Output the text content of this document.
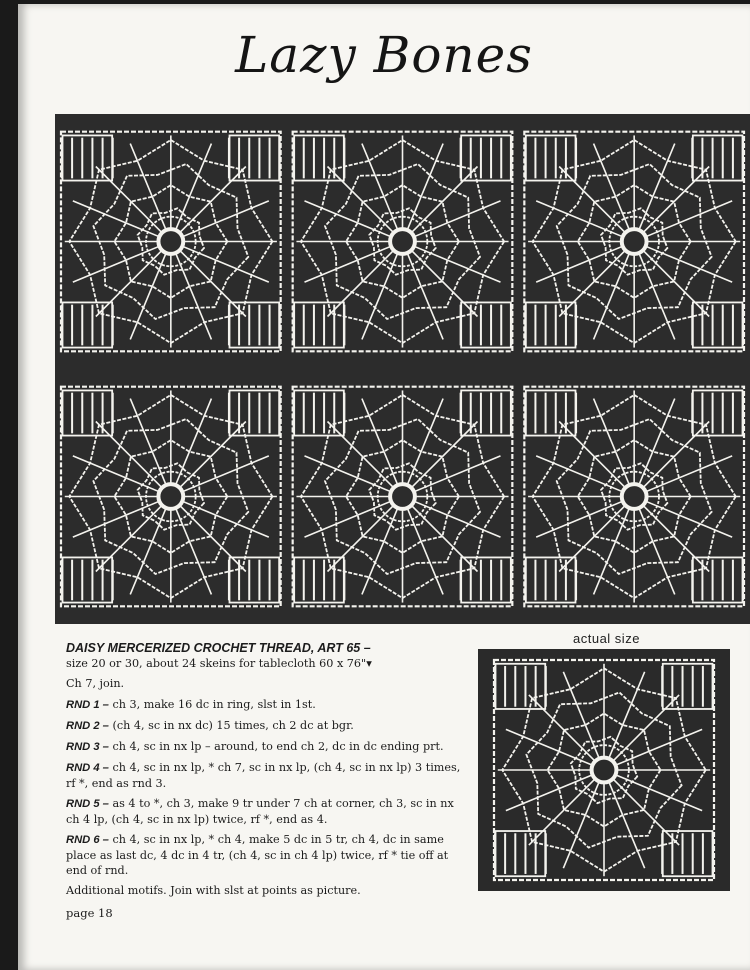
Lazy Bones
actual size

DAISY MERCERIZED CROCHET THREAD, ART 65 –
size 20 or 30, about 24 skeins for tablecloth 60 x 76"▾

Ch 7, join.

RND 1 – ch 3, make 16 dc in ring, slst in 1st.

RND 2 – (ch 4, sc in nx dc) 15 times, ch 2 dc at bgr.

RND 3 – ch 4, sc in nx lp – around, to end ch 2, dc in dc ending prt.

RND 4 – ch 4, sc in nx lp, * ch 7, sc in nx lp, (ch 4, sc in nx lp) 3 times, rf *, end as rnd 3.

RND 5 – as 4 to *, ch 3, make 9 tr under 7 ch at corner, ch 3, sc in nx ch 4 lp, (ch 4, sc in nx lp) twice, rf *, end as 4.

RND 6 – ch 4, sc in nx lp, * ch 4, make 5 dc in 5 tr, ch 4, dc in same place as last dc, 4 dc in 4 tr, (ch 4, sc in ch 4 lp) twice, rf * tie off at end of rnd.

Additional motifs. Join with slst at points as picture.

page 18
